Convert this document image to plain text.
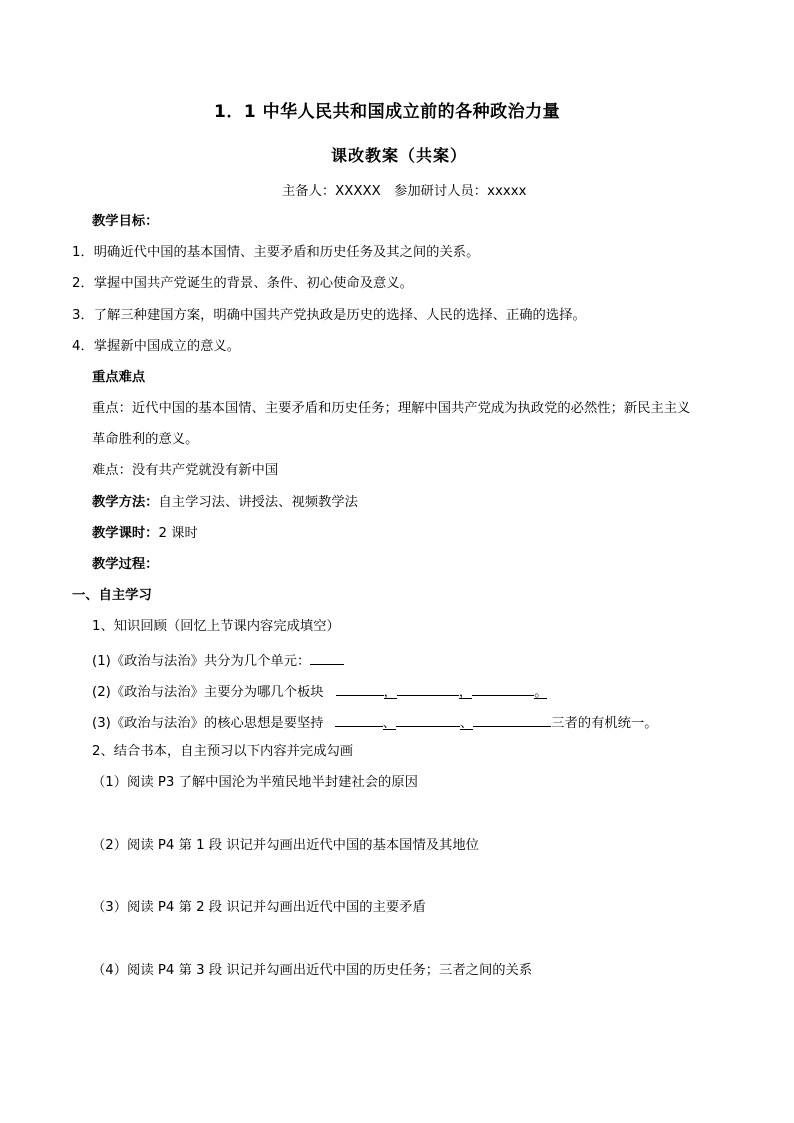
1．1 中华人民共和国成立前的各种政治力量
课改教案（共案）
主备人：XXXXX　参加研讨人员：xxxxx
教学目标：
1．明确近代中国的基本国情、主要矛盾和历史任务及其之间的关系。
2．掌握中国共产党诞生的背景、条件、初心使命及意义。
3．了解三种建国方案，明确中国共产党执政是历史的选择、人民的选择、正确的选择。
4．掌握新中国成立的意义。
重点难点
重点：近代中国的基本国情、主要矛盾和历史任务；理解中国共产党成为执政党的必然性；新民主主义
革命胜利的意义。
难点：没有共产党就没有新中国
教学方法：自主学习法、讲授法、视频教学法
教学课时：2 课时
教学过程：
一、自主学习
1、知识回顾（回忆上节课内容完成填空）
(1)《政治与法治》共分为几个单元：
(2)《政治与法治》主要分为哪几个板块	，	，	。
(3)《政治与法治》的核心思想是要坚持	、	、	三者的有机统一。
2、结合书本，自主预习以下内容并完成勾画
（1）阅读 P3 了解中国沦为半殖民地半封建社会的原因
（2）阅读 P4 第 1 段 识记并勾画出近代中国的基本国情及其地位
（3）阅读 P4 第 2 段 识记并勾画出近代中国的主要矛盾
（4）阅读 P4 第 3 段 识记并勾画出近代中国的历史任务；三者之间的关系
